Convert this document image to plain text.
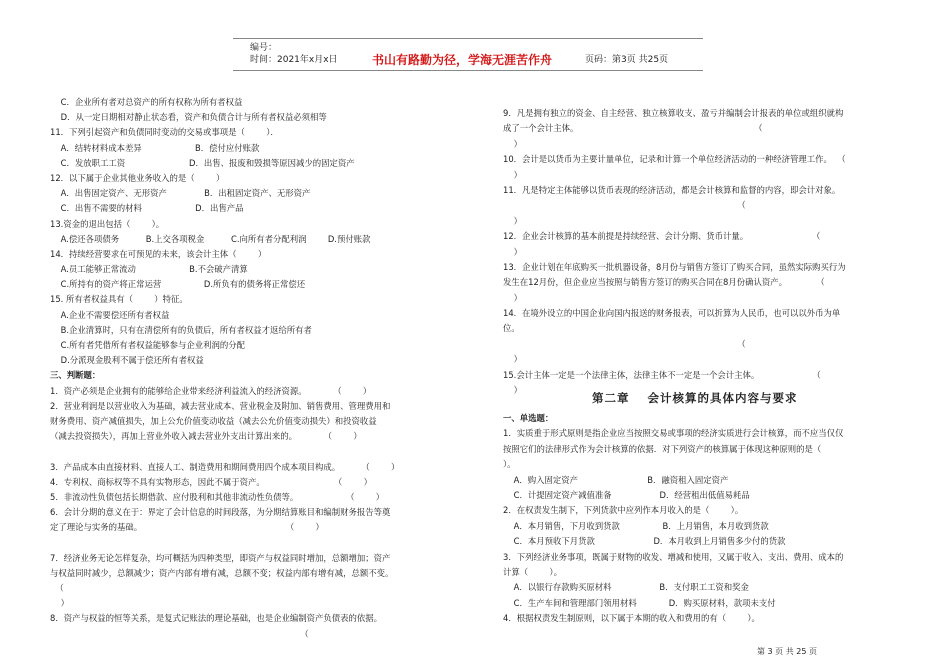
编号：
时间：2021年x月x日	书山有路勤为径，学海无涯苦作舟	页码：第3页 共25页
C．企业所有者对总资产的所有权称为所有者权益
D．从一定日期相对静止状态看，资产和负债合计与所有者权益必须相等
11．下列引起资产和负债同时变动的交易或事项是（        ）．
A．结转材料成本差异                    B．偿付应付账款
C．发放职工工资                        D．出售、报废和毁损等原因减少的固定资产
12．以下属于企业其他业务收入的是（        ）
A．出售固定资产、无形资产              B．出租固定资产、无形资产
C．出售不需要的材料                    D．出售产品
13.资金的退出包括（        ）。
A.偿还各项债务          B.上交各项税金          C.向所有者分配利润        D.预付账款
14．持续经营要求在可预见的未来，该会计主体（        ）
A.员工能够正常流动                    B.不会破产清算
C.所持有的资产将正常运营                D.所负有的债务将正常偿还
15. 所有者权益具有（        ）特征。
A.企业不需要偿还所有者权益
B.企业清算时，只有在清偿所有的负债后，所有者权益才返给所有者
C.所有者凭借所有者权益能够参与企业利润的分配
D.分派现金股利不属于偿还所有者权益
三、判断题：
1．资产必须是企业拥有的能够给企业带来经济利益流入的经济资源。          （        ）
2．营业利润是以营业收入为基础，减去营业成本、营业税金及附加、销售费用、管理费用和
财务费用、资产减值损失，加上公允价值变动收益（减去公允价值变动损失）和投资收益
（减去投资损失），再加上营业外收入减去营业外支出计算出来的。          （        ）
3．产品成本由直接材料、直接人工、制造费用和期间费用四个成本项目构成。        （        ）
4．专利权、商标权等不具有实物形态，因此不属于资产。                          （        ）
5．非流动性负债包括长期借款、应付股利和其他非流动性负债等。                  （        ）
6．会计分期的意义在于：界定了会计信息的时间段落，为分期结算账目和编制财务报告等奠
定了理论与实务的基础。                                                      （        ）
7．经济业务无论怎样复杂，均可概括为四种类型，即资产与权益同时增加，总额增加；资产
与权益同时减少，总额减少；资产内部有增有减，总额不变；权益内部有增有减，总额不变。
（
）
8．资产与权益的恒等关系，是复式记账法的理论基础，也是企业编制资产负债表的依据。
（
9．凡是拥有独立的资金、自主经营、独立核算收支、盈亏并编制会计报表的单位或组织就构
成了一个会计主体。                                                                  （
）
10．会计是以货币为主要计量单位，记录和计算一个单位经济活动的一种经济管理工作。  （
）
11．凡是特定主体能够以货币表现的经济活动，都是会计核算和监督的内容，即会计对象。
（
）
12．企业会计核算的基本前提是持续经营、会计分期、货币计量。                        （
）
13．企业计划在年底购买一批机器设备，8月份与销售方签订了购买合同，虽然实际购买行为
发生在12月份，但企业应当按照与销售方签订的购买合同在8月份确认资产。           （
）
14．在境外设立的中国企业向国内报送的财务报表，可以折算为人民币，也可以以外币为单
位。
（
）
15.会计主体一定是一个法律主体，法律主体不一定是一个会计主体。                    （
）
第二章 会计核算的具体内容与要求
一、单选题：
1．实质重于形式原则是指企业应当按照交易或事项的经济实质进行会计核算，而不应当仅仅
按照它们的法律形式作为会计核算的依据．对下列资产的核算属于体现这种原则的是（
）。
A．购入固定资产                          B．融资租入固定资产
C．计提固定资产减值准备                  D．经营租出低值易耗品
2．在权责发生制下，下列货款中应列作本月收入的是（        ）。
A．本月销售，下月收到货款                B．上月销售，本月收到货款
C．本月预收下月货款                      D．本月收到上月销售多少付的货款
3．下列经济业务事项，既属于财物的收发、增减和使用，又属于收入、支出、费用、成本的
计算（        ）。
A．以银行存款购买原材料                  B．支付职工工资和奖金
C．生产车间和管理部门领用材料            D．购买原材料，款项未支付
4．根据权责发生制原则，以下属于本期的收入和费用的有（        ）。
第 3 页 共 25 页
